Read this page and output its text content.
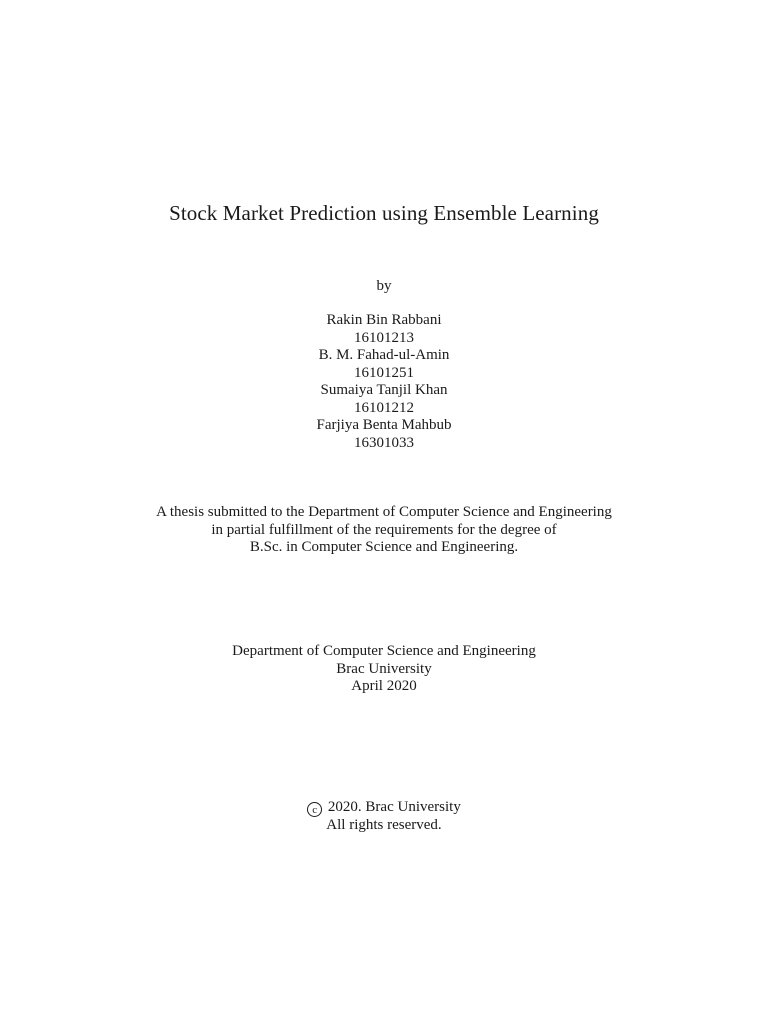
Stock Market Prediction using Ensemble Learning
by
Rakin Bin Rabbani
16101213
B. M. Fahad-ul-Amin
16101251
Sumaiya Tanjil Khan
16101212
Farjiya Benta Mahbub
16301033
A thesis submitted to the Department of Computer Science and Engineering
in partial fulfillment of the requirements for the degree of
B.Sc. in Computer Science and Engineering.
Department of Computer Science and Engineering
Brac University
April 2020
c 2020. Brac University
All rights reserved.
